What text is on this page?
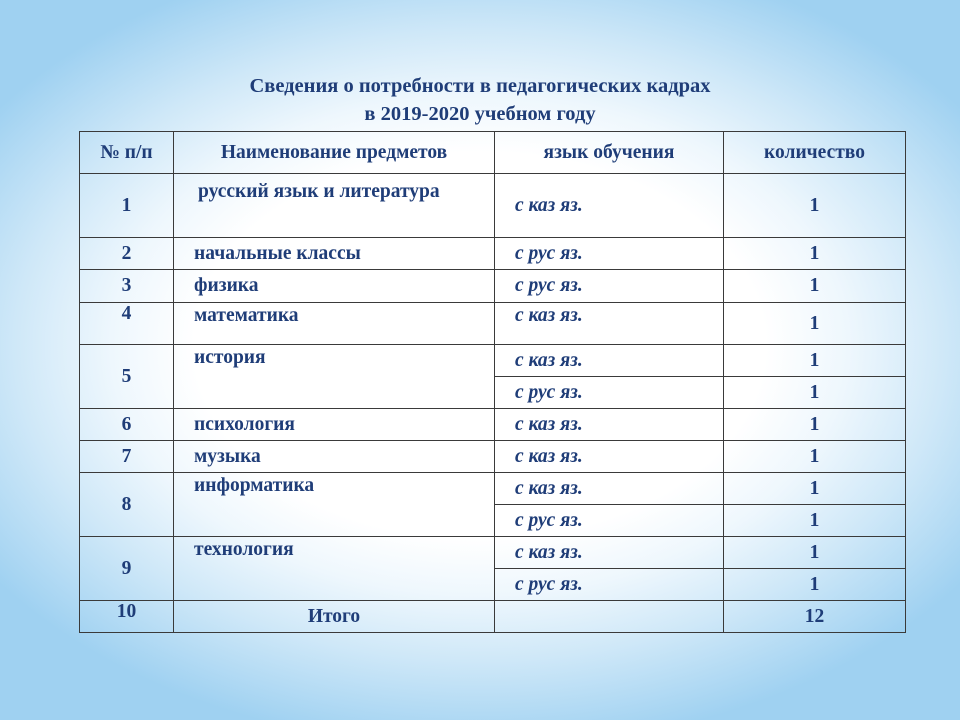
Сведения о потребности в педагогических кадрах
в 2019-2020 учебном году
№ п/п	Наименование предметов	язык обучения	количество
1	русский язык и литература	с каз яз.	1
2	начальные классы	с рус яз.	1
3	физика	с рус яз.	1
4	математика	с каз яз.	1
5	история	с каз яз.	1
		с рус яз.	1
6	психология	с каз яз.	1
7	музыка	с каз яз.	1
8	информатика	с каз яз.	1
		с рус яз.	1
9	технология	с каз яз.	1
		с рус яз.	1
10	Итого		12
